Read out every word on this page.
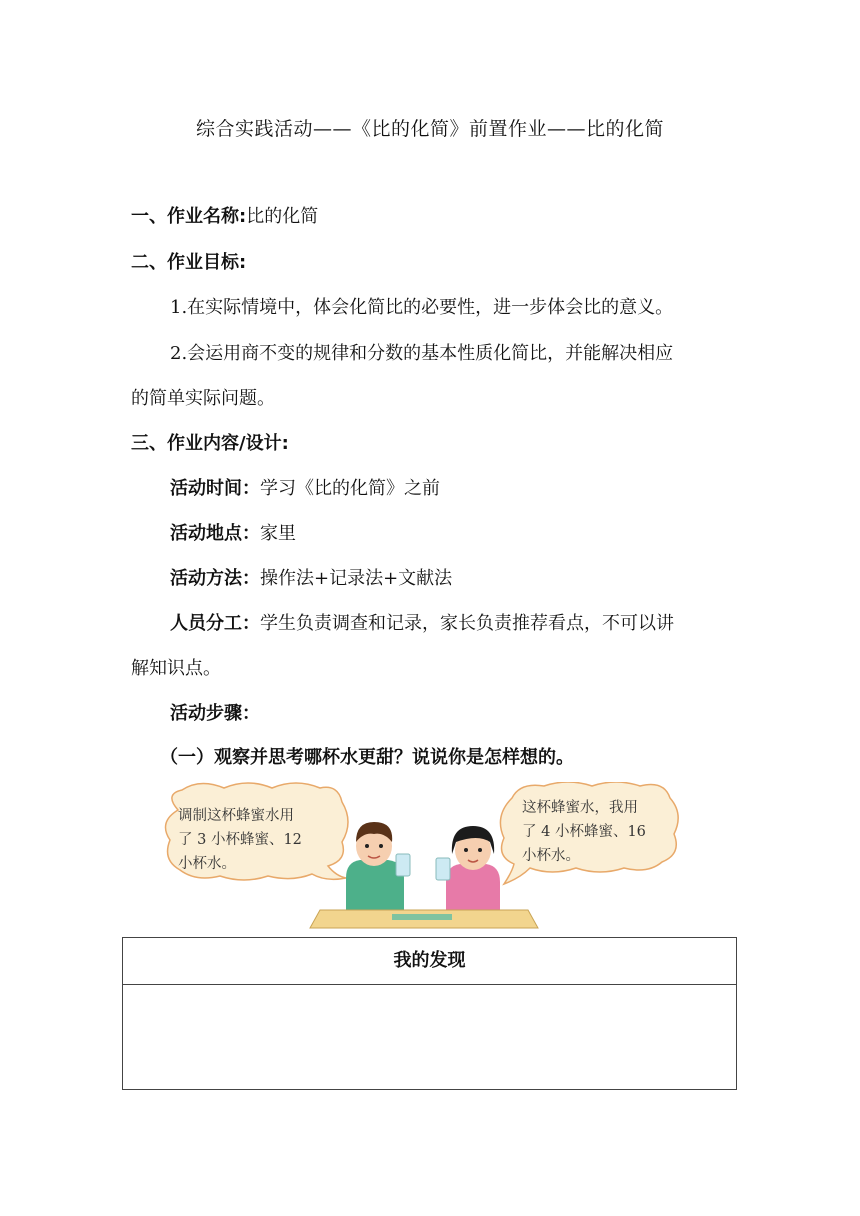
综合实践活动——《比的化简》前置作业——比的化简
一、作业名称:比的化简
二、作业目标:
1.在实际情境中，体会化简比的必要性，进一步体会比的意义。
2.会运用商不变的规律和分数的基本性质化简比，并能解决相应
的简单实际问题。
三、作业内容/设计:
活动时间：学习《比的化简》之前
活动地点：家里
活动方法：操作法+记录法+文献法
人员分工：学生负责调查和记录，家长负责推荐看点，不可以讲
解知识点。
活动步骤：
（一）观察并思考哪杯水更甜？说说你是怎样想的。
调制这杯蜂蜜水用
了 3 小杯蜂蜜、12
小杯水。
这杯蜂蜜水，我用
了 4 小杯蜂蜜、16
小杯水。
我的发现
